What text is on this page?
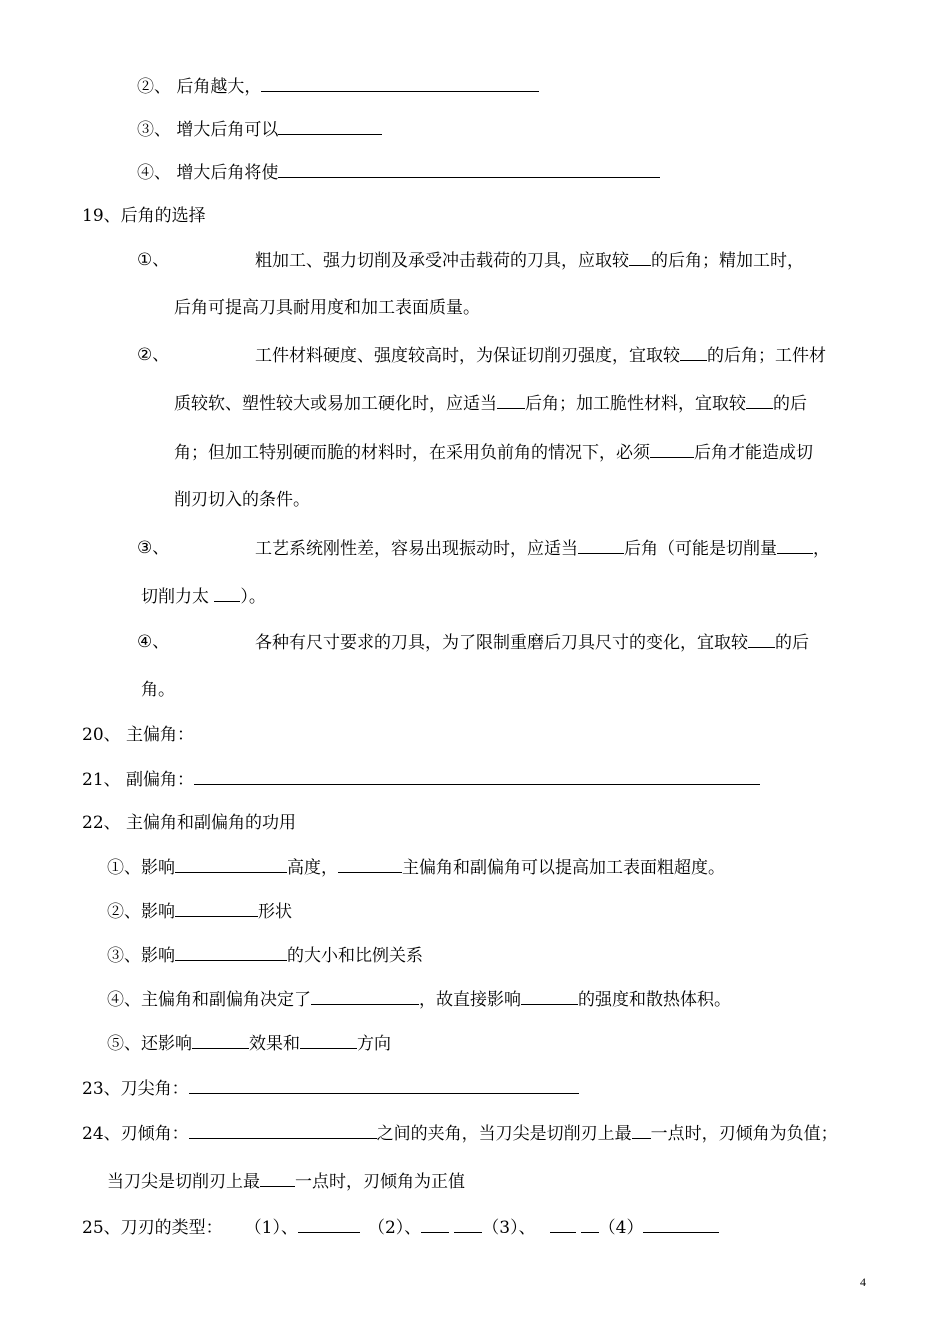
②、 后角越大，
③、 增大后角可以
④、 增大后角将使
19、后角的选择
①、	粗加工、强力切削及承受冲击载荷的刀具，应取较 的后角；精加工时，
后角可提高刀具耐用度和加工表面质量。
②、	工件材料硬度、强度较高时，为保证切削刃强度，宜取较 的后角；工件材
质较软、塑性较大或易加工硬化时，应适当 后角；加工脆性材料，宜取较 的后
角；但加工特别硬而脆的材料时，在采用负前角的情况下，必须	后角才能造成切
削刃切入的条件。
③、	工艺系统刚性差，容易出现振动时，应适当	后角（可能是切削量 ，
切削力太 ）。
④、	各种有尺寸要求的刀具，为了限制重磨后刀具尺寸的变化，宜取较 的后
角。
20、 主偏角：
21、 副偏角：
22、 主偏角和副偏角的功用
①、影响	高度，	主偏角和副偏角可以提高加工表面粗超度。
②、影响	形状
③、影响	的大小和比例关系
④、主偏角和副偏角决定了	，故直接影响	的强度和散热体积。
⑤、还影响	效果和	方向
23、刀尖角：
24、刃倾角：	之间的夹角，当刀尖是切削刃上最 一点时，刃倾角为负值；
当刀尖是切削刃上最 一点时，刃倾角为正值
25、刀刃的类型： （1）、	（2）、	（3）、	（4）
4
